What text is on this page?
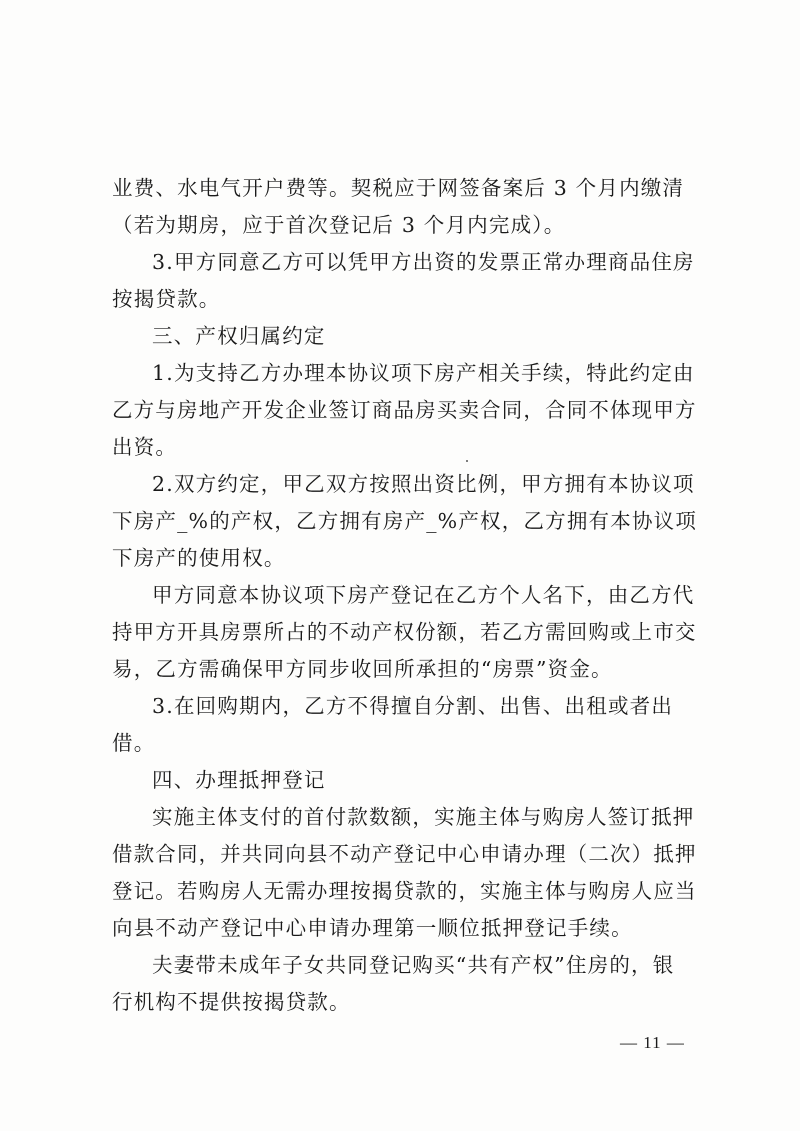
业费、水电气开户费等。契税应于网签备案后 3 个月内缴清
（若为期房，应于首次登记后 3 个月内完成）。
3.甲方同意乙方可以凭甲方出资的发票正常办理商品住房
按揭贷款。
三、产权归属约定
1.为支持乙方办理本协议项下房产相关手续，特此约定由
乙方与房地产开发企业签订商品房买卖合同，合同不体现甲方
出资。
2.双方约定，甲乙双方按照出资比例，甲方拥有本协议项
下房产_%的产权，乙方拥有房产_%产权，乙方拥有本协议项
下房产的使用权。
甲方同意本协议项下房产登记在乙方个人名下，由乙方代
持甲方开具房票所占的不动产权份额，若乙方需回购或上市交
易，乙方需确保甲方同步收回所承担的“房票”资金。
3.在回购期内，乙方不得擅自分割、出售、出租或者出
借。
四、办理抵押登记
实施主体支付的首付款数额，实施主体与购房人签订抵押
借款合同，并共同向县不动产登记中心申请办理（二次）抵押
登记。若购房人无需办理按揭贷款的，实施主体与购房人应当
向县不动产登记中心申请办理第一顺位抵押登记手续。
夫妻带未成年子女共同登记购买“共有产权”住房的，银
行机构不提供按揭贷款。
— 11 —
